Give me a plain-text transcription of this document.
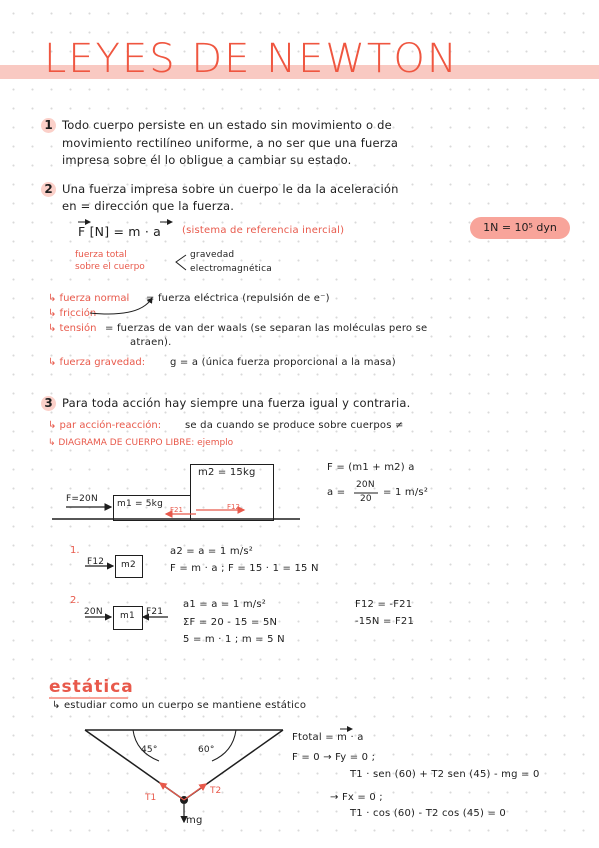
LEYES DE NEWTON
1 Todo cuerpo persiste en un estado sin movimiento o de
movimiento rectilíneo uniforme, a no ser que una fuerza
impresa sobre él lo obligue a cambiar su estado.
2 Una fuerza impresa sobre un cuerpo le da la aceleración
en = dirección que la fuerza.
F [N] = m · a (sistema de referencia inercial)	1N = 10⁵ dyn
fuerza total
sobre el cuerpo
gravedad
electromagnética
↳ fuerza normal = fuerza eléctrica (repulsión de e⁻)
↳ fricción
↳ tensión = fuerzas de van der waals (se separan las moléculas pero se
atraen).
↳ fuerza gravedad: g = a (única fuerza proporcional a la masa)
3 Para toda acción hay siempre una fuerza igual y contraria.
↳ par acción-reacción: se da cuando se produce sobre cuerpos ≠
↳ DIAGRAMA DE CUERPO LIBRE: ejemplo
m2 = 15kg
m1 = 5kg
F=20N
F21	F12
F = (m1 + m2) a
a =
20N
20
= 1 m/s²
1.
F12 m2
a2 = a = 1 m/s²
F = m · a ; F = 15 · 1 = 15 N
2.
20N m1 F21
a1 = a = 1 m/s²
ΣF = 20 - 15 = 5N
5 = m · 1 ; m = 5 N
F12 = -F21
-15N = F21
estática
↳ estudiar como un cuerpo se mantiene estático
45°	60°
T1
T2
mg
Ftotal = m · a
F = 0 → Fy = 0 ;
T1 · sen (60) + T2 sen (45) - mg = 0
→ Fx = 0 ;
T1 · cos (60) - T2 cos (45) = 0
